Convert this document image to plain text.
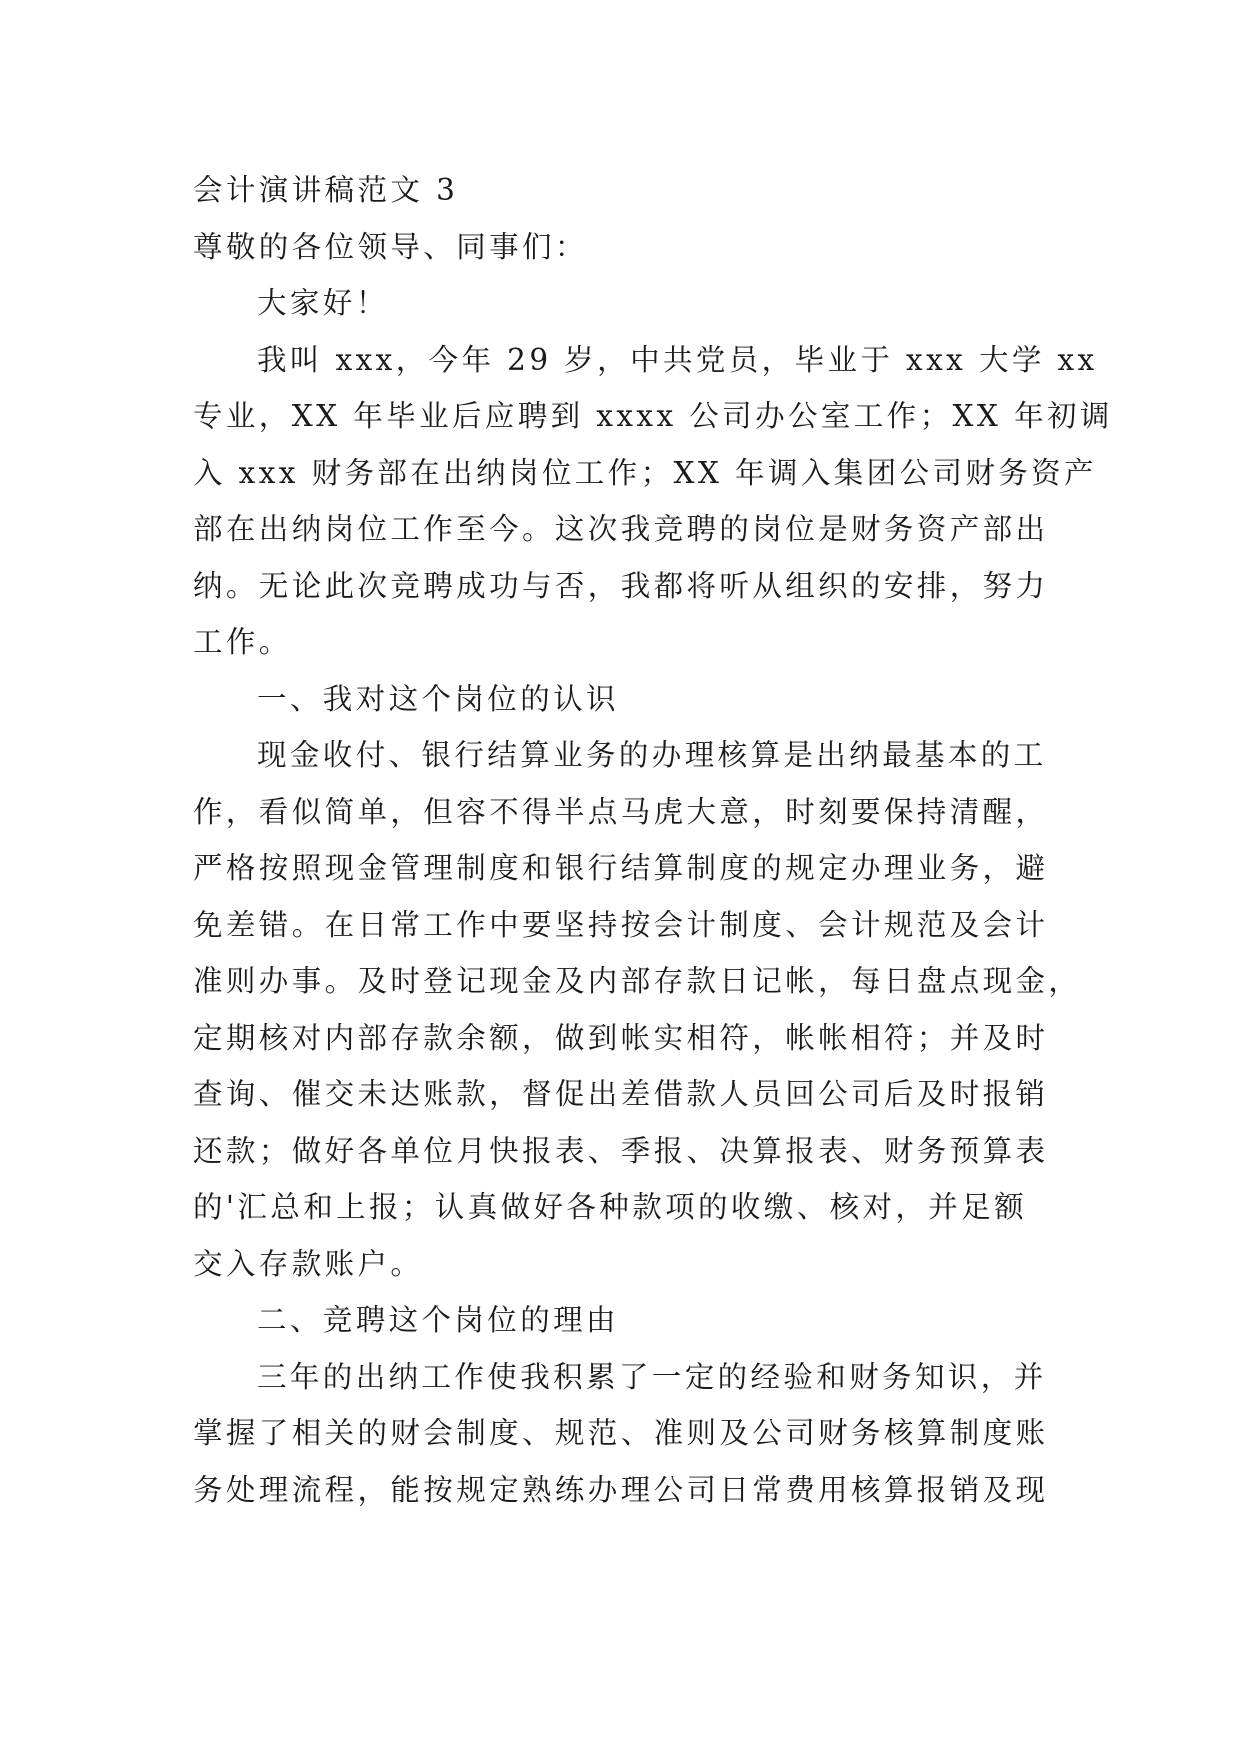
会计演讲稿范文 3
尊敬的各位领导、同事们：
大家好！
我叫 xxx，今年 29 岁，中共党员，毕业于 xxx 大学 xx
专业，XX 年毕业后应聘到 xxxx 公司办公室工作；XX 年初调
入 xxx 财务部在出纳岗位工作；XX 年调入集团公司财务资产
部在出纳岗位工作至今。这次我竞聘的岗位是财务资产部出
纳。无论此次竞聘成功与否，我都将听从组织的安排，努力
工作。
一、我对这个岗位的认识
现金收付、银行结算业务的办理核算是出纳最基本的工
作，看似简单，但容不得半点马虎大意，时刻要保持清醒，
严格按照现金管理制度和银行结算制度的规定办理业务，避
免差错。在日常工作中要坚持按会计制度、会计规范及会计
准则办事。及时登记现金及内部存款日记帐，每日盘点现金，
定期核对内部存款余额，做到帐实相符，帐帐相符；并及时
查询、催交未达账款，督促出差借款人员回公司后及时报销
还款；做好各单位月快报表、季报、决算报表、财务预算表
的'汇总和上报；认真做好各种款项的收缴、核对，并足额
交入存款账户。
二、竞聘这个岗位的理由
三年的出纳工作使我积累了一定的经验和财务知识，并
掌握了相关的财会制度、规范、准则及公司财务核算制度账
务处理流程，能按规定熟练办理公司日常费用核算报销及现
